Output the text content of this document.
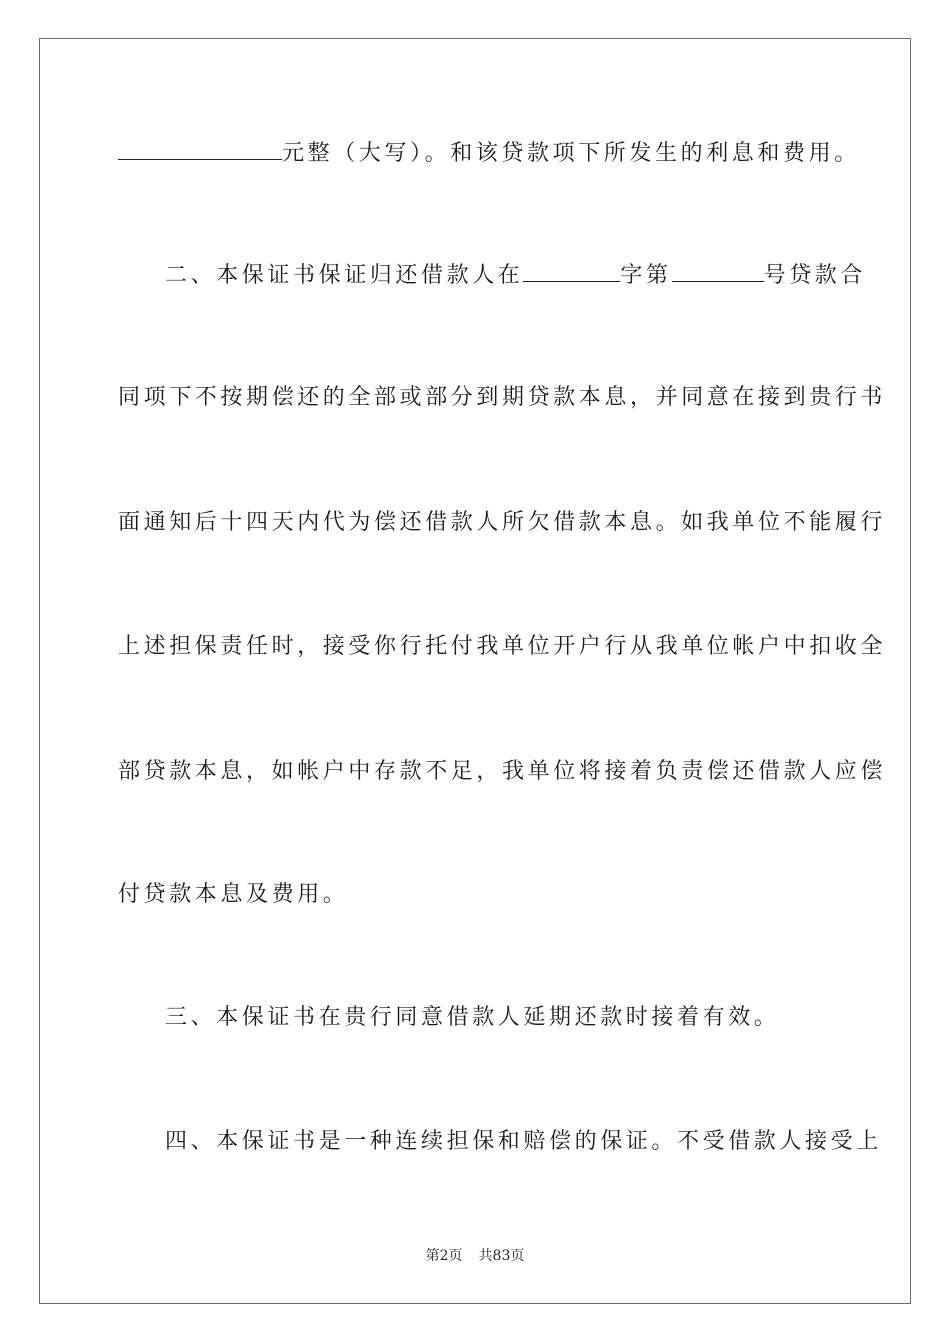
元整（大写）。和该贷款项下所发生的利息和费用。
二、本保证书保证归还借款人在	字第	号贷款合
同项下不按期偿还的全部或部分到期贷款本息，并同意在接到贵行书
面通知后十四天内代为偿还借款人所欠借款本息。如我单位不能履行
上述担保责任时，接受你行托付我单位开户行从我单位帐户中扣收全
部贷款本息，如帐户中存款不足，我单位将接着负责偿还借款人应偿
付贷款本息及费用。
三、本保证书在贵行同意借款人延期还款时接着有效。
四、本保证书是一种连续担保和赔偿的保证。不受借款人接受上
第2页 共83页
